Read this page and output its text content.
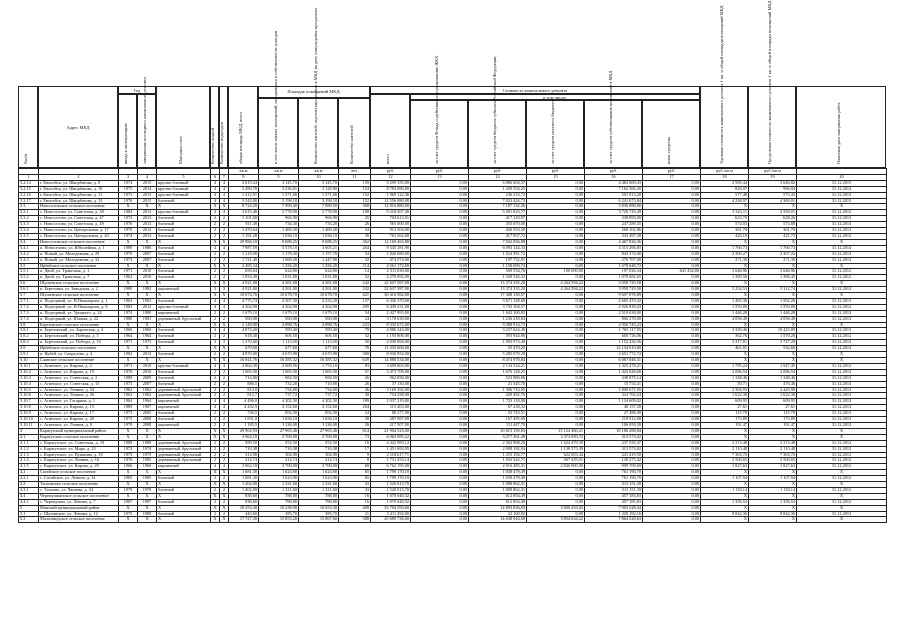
№п/п
Адрес МКД
Год
ввода в эксплуатацию	завершения последнего капитального ремонта	Материал стен	Количество этажей Количество подъездов	общая площадь МКД, всего
Площадь помещений МКД:
в том числе жилых помещений, находящихся в собственности граждан	Количество жителей, зарегистрированных в МКД на дату утверждения программы	Количество жителей
Стоимость капитального ремонта
в том числе:
всего	за счет средств Фонда содействия реформированию ЖКХ	за счет средств бюджета субъекта Российской Федерации	за счет средств местного бюджета	за счет средств собственников помещений в МКД	иные средства	Удельная стоимость капитального ремонта 1 кв. м общей площади помещений МКД	Предельная стоимость капитального ремонта 1 кв. м общей площади помещений МКД	Плановая дата завершения работ
							кв.м	кв.м	кв.м	чел.	руб.	руб.	руб.	руб.	руб.	руб.	руб./кв.м	руб./кв.м	
1	2	3	4	5	6	7	8	9	10	11	12	13	14	15	16	17	18	19	20
3.2.14	г. Енисейск, ул. Шкорбатова, д. 8	1974	2015	крупно-блочный	4	4	3 619,24	3 145,70	3 145,70	159	9 299 355,00	0,00	6 886 604,37	0,00	4 482 669,43	0,00	2 569,44	3 646,82	31.12.2015
3.2.15	г. Енисейск, ул. Шкорбатова, д. 10	1975	2014	крупно-блочный	4	4	3 490,78	3 236,81	3 128,80	154	8 783 690,00	0,00	1 439 554,25	0,00	7 162 366,45	0,00	826,97	996,94	31.12.2014
3.2.16	г. Енисейск, ул. Шкорбатова, д. 11	1973	2013	крупно-блочный	4	4	1 412,91	1 371,66	1 371,66	152	1 969 122,36	0,00	236 216,72	0,00	501 913,20	0,00	577,48	575,43	31.12.2013
3.2.17	г. Енисейск, ул. Шкорбатова, д. 13	1976	2015	блочный	4	4	3 543,80	3 198,18	3 198,18	152	12 556 080,00	0,00	7 023 424,73	0,00	6 241 673,84	0,00	4 238,97	4 369,01	31.12.2015
3.3	Новоселовское сельское поселение	X	X	X	X	X	8 724,29	7 999,40	7 989,50	368	12 816 880,00	0,00	7 187 132,36	0,00	5 836 880,00	0,00	X	X	X
3.3.1	с. Новоселово, ул. Советская, д. 38	1984	2012	крупно-блочный	4	4	3 015,46	2 778,00	2 778,00	108	9 218 567,26	0,00	5 491 823,77	0,00	3 726 743,49	0,00	3 323,11	3 358,01	31.12.2012
3.3.2	с. Новоселово, ул. Советская, д. 47	1973	2013	блочный	2	2	1 101,00	966,90	966,90	25	704 613,01	0,00	417 129,97	0,00	338 893,00	0,00	623,70	628,26	31.12.2013
3.3.3	с. Новоселово, ул. Советская, д. 49	1976	2013	блочный	2	2	811,38	734,30	733,20	26	565 000,00	0,00	355 670,00	0,00	247 289,35	0,00	574,03	573,88	31.12.2013
3.3.4	с. Новоселово, ул. Центральная, д. 17	1970	2012	блочный	2	2	1 470,64	1 469,30	1 469,30	34	912 504,00	0,00	426 553,30	0,00	268 102,86	0,00	361,78	361,78	31.12.2012
3.3.5	с. Новоселово, ул. Центральная, д. 20	1974	2012	блочный	2	2	1 191,28	1 036,10	1 036,10	36	761 562,68	0,00	417 957,72	0,00	343 497,28	0,00	420,18	421,73	31.12.2012
3.4	Новоселовское сельское поселение	X	X	X	X	X	29 984,18	9 688,25	9 688,25	362	12 169 263,80	0,00	7 042 056,88	0,00	4 467 826,36	0,00	X	X	X
3.4.1	п. Новоселово, ул. Юбилейная, д. 1	1989	1986	блочный	4	4	7 987,59	5 578,10	3 605,21	264	9 345 181,90	0,00	6 093 144,33	0,00	3 315 266,83	0,00	1 760,73	1 760,73	31.12.2014
3.4.2	п. Новый, ул. Молодежная, д. 29	1970	2007	блочный	2	2	1 218,00	1 178,30	1 157,70	54	1 826 680,00	0,00	1 024 391,72	0,00	843 374,00	0,00	2 300,27	2 307,22	31.12.2013
3.4.3	п. Новый, ул. Молодежная, д. 32	1973	2007	блочный	2	2	1 721,40	1 669,20	1 447,90	32	474 574,00	0,00	197 732,01	0,00	276 707,00	0,00	271,30	271,30	31.12.2013
3.5	Ирбейское сельское поселение	X	X	X	X	X	2 495,34	1 256,20	1 256,20	114	4 561 172,69	0,00	1 158 699,74	0,00	1 678 648,72	0,00	X	X	X
3.5.1	п. Двой, ул. Трактовая, д. 1	1971	2010	блочный	2	2	650,04	624,80	624,80	14	2 311 030,00	0,00	569 554,76	100 000,00	197 026,34	641 434,00	3 646,96	3 646,96	31.12.2012
3.5.2	п. Двой, ул. Трактовая, д. 7	1962	2010	блочный	2	2	1 833,49	1 631,80	1 631,80	52	2 270 092,00	0,00	1 349 526,32	0,00	1 078 682,65	0,00	1 390,56	1 396,45	31.12.2012
3.6	Шушенское сельское поселение	X	X	X	X	X	4 921,00	4 261,00	4 261,00	242	22 637 587,00	0,00	13 374 335,20	4 264 594,22	3 958 729,58	0,00	X	X	X
3.6.1	п. Березовка, ул. Заводская, д. 2	1980	1982	кирпичный	3	3	4 921,00	4 261,00	4 261,00	242	22 637 587,00	0,00	13 374 335,20	4 264 594,22	3 958 729,58	0,00	5 254,53	5 312,74	31.12.2013
3.7	Шушенское сельское поселение	X	X	X	X	X	10 674,76	10 678,70	10 678,70	421	30 416 982,00	0,00	17 368 130,97	0,00	9 697 876,89	0,00	X	X	X
3.7.1	п. Подгорный, ул. Н.Пижмарова, д. 1	1963	1963	блочный	4	4	4 775,74	4 307,30	4 233,20	137	6 336 379,00	0,00	3 671 128,68	0,00	2 665 470,32	0,00	1 465,36	1 502,26	31.12.2013
3.7.2	п. Подгорный, ул. Н.Пижмарова, д. 8	1982	2012	крупно-блочный	4	4	4 264,90	4 264,90	4 264,90	205	6 439 231,00	0,00	3 735 104,57	0,00	2 926 839,43	0,00	1 593,89	1 593,89	31.12.2012
3.7.3	п. Подгорный, ул. Урицкого, д. 24	1974	1980	кирпичный	2	2	1 679,10	1 679,10	1 679,10	54	2 427 993,00	0,00	1 642 160,82	0,00	2 519 638,00	0,00	1 446,28	1 446,28	31.12.2013
3.7.4	п. Подгорный, ул. Южная, д. 22	1980	1981	деревянный, брусчатый	2	2	560,00	560,00	560,00	24	3 178 630,00	0,00	1 236 218,84	0,00	806 270,00	0,00	4 058,49	4 058,49	31.12.2013
3.8	Березовское сельское поселение	X	X	X	X	X	2 149,00	2 098,76	2 098,76	223	8 335 672,00	0,00	3 388 914,73	0,00	2 956 745,23	0,00	X	X	X
3.8.1	п. Березовский, ул. Зоринская, д. 4	1966	1966	блочный	4	4	4 873,20	599,40	599,40	79	4 986 343,00	0,00	3 237 624,40	0,00	1 765 117,95	0,00	3 339,46	10 425,89	31.12.2013
3.8.2	п. Березовский, ул. Победы, д. 5	1964	1964	блочный	2	2	618,40	606,50	606,50	32	1 193 806,00	0,00	593 944,96	0,00	600 726,06	0,00	362,76	1 570,20	31.12.2012
3.8.3	п. Березовский, ул. Победы, д. 10	1971	1975	блочный	3	3	1 270,60	1 113,50	1 113,50	50	2 030 894,00	0,00	1 093 973,48	0,00	1 152 436,56	0,00	3 217,81	3 727,28	31.12.2013
3.9	Ирбейское сельское поселение	X	X	X	X	X	679,60	677,60	677,60	76	11 335 600,00	0,00	55 470,20	0,00	12 134 910,80	0,00	461,81	532,60	31.12.2013
3.9.1	п. Ирбей, ул. Свердлова, д. 4	1982	2012	блочный	2	2	4 870,00	4 670,98	4 670,98	380	8 936 852,00	0,00	5 285 079,28	0,00	3 651 772,72	0,00	X	X	X
3.10	Саянское сельское поселение	X	X	X	X	X	16 941,76	16 385,32	16 385,32	639	14 880 534,00	0,00	8 474 978,84	0,00	6 067 046,31	0,00	X	X	X
3.10.1	с. Агинское, ул. Кирова, д. 2	1971	2010	крупно-блочный	4	4	2 064,30	2 009,56	1 753,10	83	3 699 863,00	0,00	2 134 524,21	0,00	1 425 478,21	0,00	1 795,24	1 947,45	31.12.2012
3.10.2	с. Агинское, ул. Кирова, д. 19	1970	2010	блочный	2	2	1 665,50	1 665,50	1 665,50	51	3 473 709,00	0,00	1 676 128,25	0,00	1 425 628,66	0,00	2 086,54	2 086,54	31.12.2013
3.10.3	с. Агинское, ул. Советская, д. 2	1989	2009	блочный	2	2	714,00	684,50	684,50	26	962 856,00	0,00	523 980,86	0,00	438 875,14	0,00	1 348,46	1 348,46	31.12.2013
3.10.4	с. Агинское, ул. Советская, д. 15	1973	2007	блочный	2	2	886,5	732,20	710,00	26	37 130,00	0,00	21 345,70	0,00	15 754,31	0,00	50,71	476,46	31.12.2013
3.10.5	с. Агинское, ул. Ленина, д. 54	1962	1962	деревянный, брусчатый	2	2	813,0	734,00	734,00	36	3 169 392,00	0,00	1 306 710,05	0,00	1 808 671,95	0,00	2 304,93	2 445,98	31.12.2013
3.10.6	с. Агинское, ул. Ленина, д. 56	1962	1962	деревянный, брусчатый	2	2	812,7	737,72	737,72	30	754 258,00	0,00	429 492,76	0,00	324 765,24	0,00	1 022,30	1 022,30	31.12.2013
3.10.7	с. Агинское, ул. Гагарина, д. 1	1964	1964	кирпичный	4	4	4 496,0	4 202,30	4 202,30	189	2 037 219,00	0,00	1 723 118,08	0,00	1 134 609,02	0,00	609,95	609,95	31.12.2013
3.10.8	с. Агинское, ул. Кирова, д. 15	1989	1987	кирпичный	4	4	4 432,9	4 152,60	4 152,60	204	115 403,00	0,00	67 238,32	0,00	48 157,28	0,00	27,61	27,61	31.12.2013
3.10.9	с. Агинское, ул. Кирова, д. 17	1973	2005	блочный	2	2	736,5	692,50	692,50	24	80 277,00	0,00	52 743,51	0,00	27 488,49	0,00	115,78	115,78	31.12.2013
3.10.10	с. Агинское, ул. Кирова, д. 20	1975	2008	блочный	2	2	1 831,0	1 656,10	1 656,10	38	287 987,00	0,00	167 495,00	0,00	119 912,00	0,00	173,89	173,89	31.12.2013
3.10.11	с. Агинское, ул. Ленина, д. 9	1979	2008	кирпичный	2	2	1 185,5	1 136,00	1 136,00	26	217 507,00	0,00	111 447,70	0,00	106 059,30	0,00	191,47	191,47	31.12.2013
4	Каратузский муниципальный район	X	X	X	X	X	29 902,93	27 965,46	27 965,46	614	21 904 523,00	0,00	16 615 159,83	15 124 460,21	10 186 288,84	0,00	X	X	X
4.1	Каратузское сельское поселение	X	X	X	X	X	3 962,10	3 700,00	3 700,00	73	6 963 985,22	0,00	3 277 361,48	3 373 050,72	313 573,02	0,00	X	X	X
4.1.1	с. Каратузское, ул. Советская, д. 10	1988	1988	деревянный, брусчатый	2	2	589,50	552,50	552,50	16	4 422 983,12	0,00	2 562 968,26	1 622 479,39	237 535,47	0,00	2 315,48	2 315,48	31.12.2012
4.1.2	с. Каратузское, ул. Мира, д. 23	1972	1974	деревянный, брусчатый	2	2	710,38	710,38	710,38	17	1 451 693,95	0,00	2 008 192,94	1 130 575,39	313 573,02	0,00	2 110,48	2 110,48	31.12.2012
4.1.3	с. Каратузское, ул. Пушкина, д. 18	1975	1975	деревянный, брусчатый	2	2	314,98	304,98	304,98	9	2 118 617,71	0,00	1 255 194,77	622 003,44	241 419,50	0,00	7 363,70	7 363,70	31.12.2012
4.1.4	с. Каратузское, ул. Ленина, д. 16	1976	1985	деревянный, брусчатый	2	2	314,74	314,74	314,74	8	1 731 253,14	0,00	1 033 542,71	567 435,01	130 275,42	0,00	5 500,65	5 500,65	31.12.2012
4.1.5	с. Каратузское, ул. Кирова, д. 29	1966	1966	кирпичный	4	4	3 962,10	3 700,00	3 700,00	68	6 762 195,00	0,00	2 916 485,31	2 846 000,00	999 709,69	0,00	1 827,63	1 827,63	31.12.2012
4.2	Сагайское сельское поселение	X	X	X	X	X	1 681,30	1 623,90	1 623,90	65	1 799 170,19	0,00	1 038 479,49	0,00	761 190,70	0,00	X	X	X
4.2.1	с. Сагайское, ул. Ленина, д. 34	1985	1985	блочный	2	2	1 681,30	1 623,90	1 623,90	65	1 799 170,19	0,00	1 038 479,49	0,00	761 190,70	0,00	1 107,94	1 107,94	31.12.2012
4.3	Таскинское сельское поселение	X	X	X	X	X	1 402,00	1 321,60	1 321,60	33	1 520 013,70	0,00	1 008 862,31	0,00	511 151,39	0,00	X	X	X
4.3.1	с. Таскино, ул. Чапаева, д. 34	1979	1979	блочный	2	2	1 402,00	1 321,60	1 321,60	33	1 520 013,70	0,00	1 008 862,31	0,00	511 151,39	0,00	1 150,14	1 150,14	31.12.2012
4.4	Черемушкинское сельское поселение	X	X	X	X	X	838,60	788,80	788,80	16	1 070 040,32	0,00	612 854,49	0,00	457 185,83	0,00	X	X	X
4.4.1	с. Черемушка, ул. Ленина, д. 7	1987	1987	блочный	2	2	838,60	788,80	788,80	16	1 070 040,32	0,00	612 854,49	0,00	457 185,83	0,00	1 356,54	1 356,54	31.12.2012
5	Манский муниципальный район	X	X	X	X	X	18 353,40	16 238,90	16 053,30	409	33 704 593,60	0,00	14 893 836,93	3 800 433,02	7 903 528,44	0,00	X	X	X
5.1	с. Шалинское, ул. Ленина, д. 12	1975	1989	блочный	2	2	443,60	385,70	385,70	21	3 411 294,00	0,00	22 100,82	0,00	1 229 192,16	0,00	8 844,36	8 844,36	31.12.2013
5.2	Малозаводское сельское поселение	X	X	X	X	X	17 727,30	15 853,20	15 867,60	388	29 689 736,00	0,00	14 638 944,68	3 854 634,22	7 864 528,63	0,00	X	X	X
